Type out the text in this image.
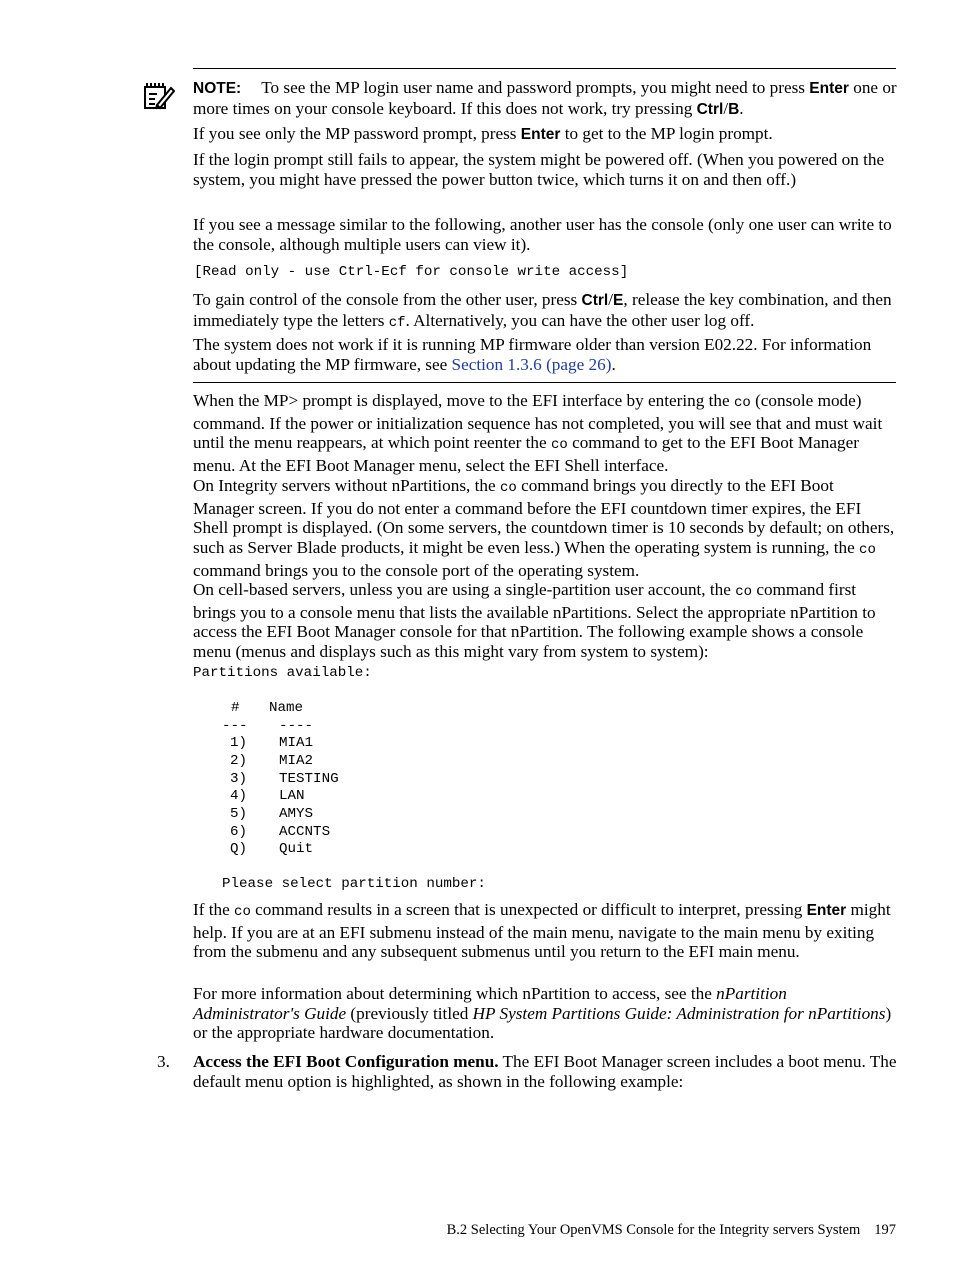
NOTE: To see the MP login user name and password prompts, you might need to press Enter one or more times on your console keyboard. If this does not work, try pressing Ctrl/B.

If you see only the MP password prompt, press Enter to get to the MP login prompt.

If the login prompt still fails to appear, the system might be powered off. (When you powered on the system, you might have pressed the power button twice, which turns it on and then off.)

If you see a message similar to the following, another user has the console (only one user can write to the console, although multiple users can view it).

[Read only - use Ctrl-Ecf for console write access]

To gain control of the console from the other user, press Ctrl/E, release the key combination, and then immediately type the letters cf. Alternatively, you can have the other user log off.

The system does not work if it is running MP firmware older than version E02.22. For information about updating the MP firmware, see Section 1.3.6 (page 26).

When the MP> prompt is displayed, move to the EFI interface by entering the co (console mode) command. If the power or initialization sequence has not completed, you will see that and must wait until the menu reappears, at which point reenter the co command to get to the EFI Boot Manager menu. At the EFI Boot Manager menu, select the EFI Shell interface.

On Integrity servers without nPartitions, the co command brings you directly to the EFI Boot Manager screen. If you do not enter a command before the EFI countdown timer expires, the EFI Shell prompt is displayed. (On some servers, the countdown timer is 10 seconds by default; on others, such as Server Blade products, it might be even less.) When the operating system is running, the co command brings you to the console port of the operating system.

On cell-based servers, unless you are using a single-partition user account, the co command first brings you to a console menu that lists the available nPartitions. Select the appropriate nPartition to access the EFI Boot Manager console for that nPartition. The following example shows a console menu (menus and displays such as this might vary from system to system):

Partitions available:
# Name
--- ----
1) MIA1
2) MIA2
3) TESTING
4) LAN
5) AMYS
6) ACCNTS
Q) Quit
Please select partition number:

If the co command results in a screen that is unexpected or difficult to interpret, pressing Enter might help. If you are at an EFI submenu instead of the main menu, navigate to the main menu by exiting from the submenu and any subsequent submenus until you return to the EFI main menu.

For more information about determining which nPartition to access, see the nPartition Administrator's Guide (previously titled HP System Partitions Guide: Administration for nPartitions) or the appropriate hardware documentation.

3. Access the EFI Boot Configuration menu. The EFI Boot Manager screen includes a boot menu. The default menu option is highlighted, as shown in the following example:

B.2 Selecting Your OpenVMS Console for the Integrity servers System 197
